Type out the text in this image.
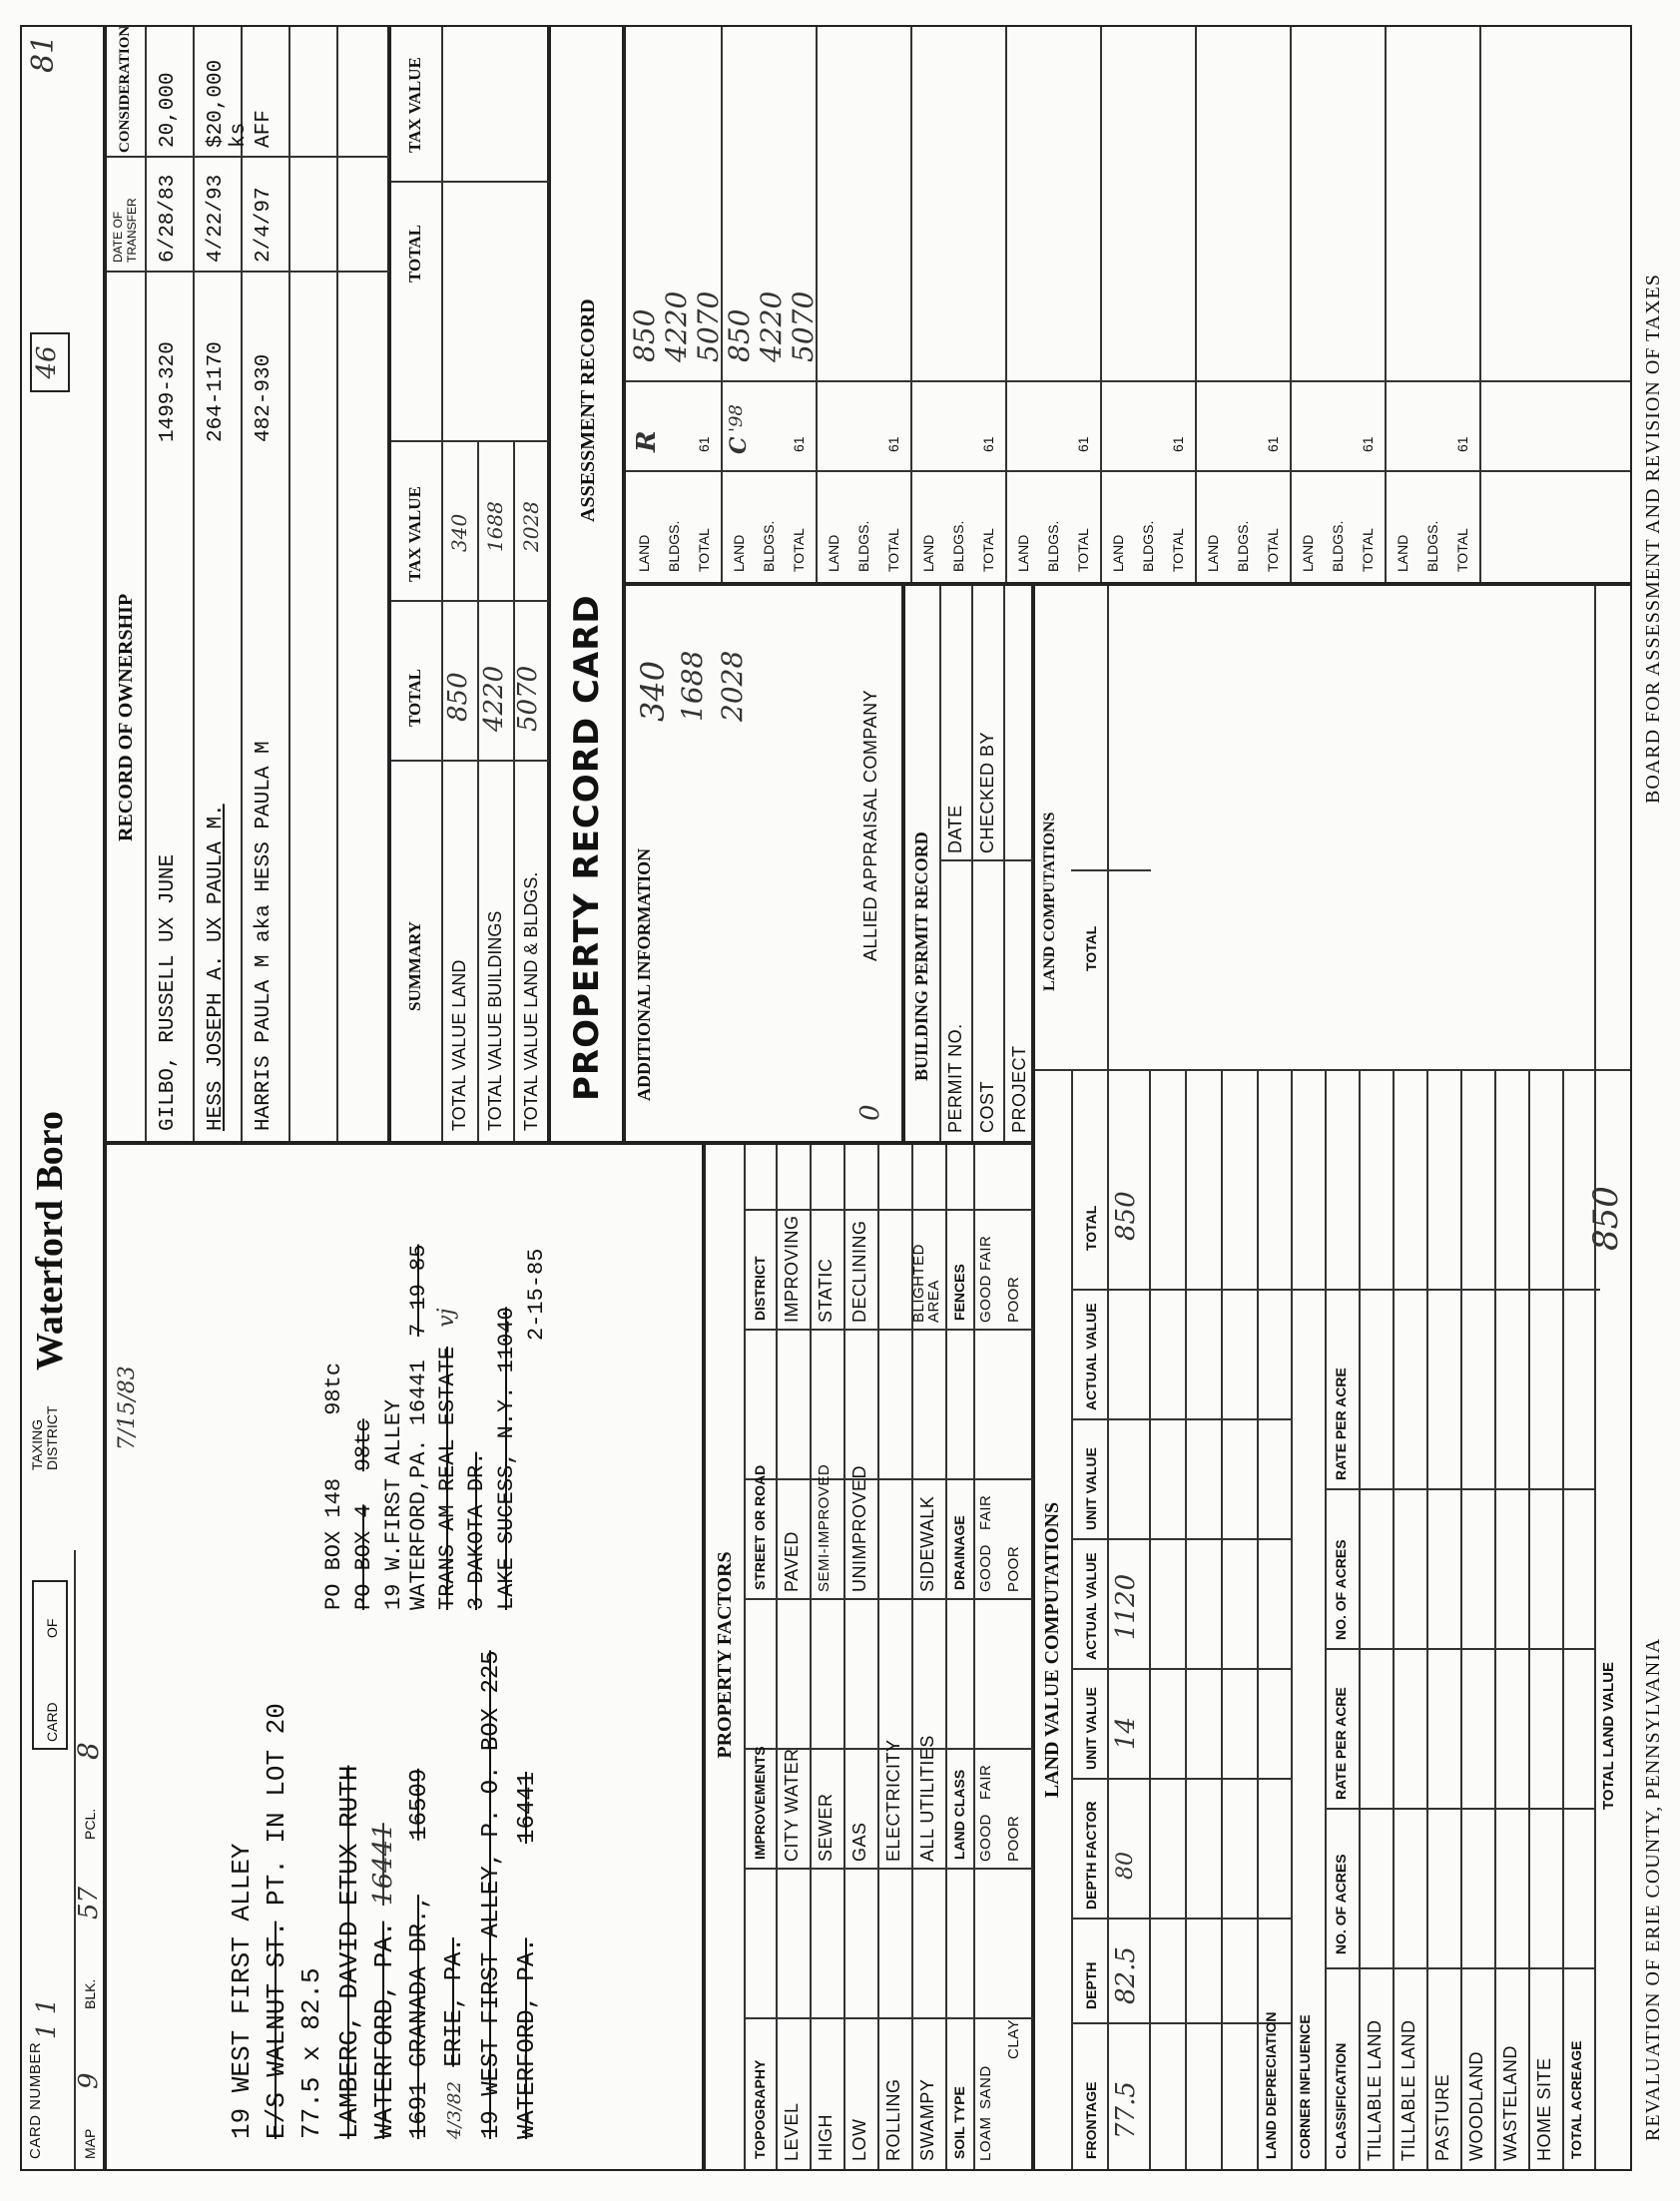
CARD NUMBER
1 1
CARD
OF
TAXING DISTRICT
Waterford Boro
46
81
MAP
9
BLK.
57
PCL.
8
7/15/83
19 WEST FIRST ALLEY E/S WALNUT ST. PT. IN LOT 20
77.5 x 82.5 LAMBERG, DAVID ETUX RUTH WATERFORD, PA. 16441
1691 GRANADA DR., 16509
4/3/82 ERIE, PA. 19 WEST FIRST ALLEY, P. O. BOX 225 WATERFORD, PA. 16441
PO BOX 148 98tc
PO BOX 4 98tc 19 W.FIRST ALLEY WATERFORD,PA. 16441 7-19-85
TRANS AM REAL ESTATE vj
3 DAKOTA DR. LAKE SUCESS, N.Y. 11040
2-15-85
RECORD OF OWNERSHIP
DATE OF TRANSFER
CONSIDERATION
GILBO, RUSSELL UX JUNE
1499-320
6/28/83
20,000
HESS JOSEPH A. UX PAULA M.
264-1170
4/22/93
$20,000 ks
HARRIS PAULA M aka HESS PAULA M
482-930
2/4/97
AFF
SUMMARY
TOTAL
TAX VALUE
TOTAL
TAX VALUE
TOTAL VALUE LAND
850
340
TOTAL VALUE BUILDINGS
4220
1688
TOTAL VALUE LAND & BLDGS.
5070
2028
PROPERTY FACTORS
TOPOGRAPHY
IMPROVEMENTS
STREET OR ROAD
DISTRICT
LEVEL HIGH LOW ROLLING SWAMPY
CITY WATER SEWER GAS ELECTRICITY ALL UTILITIES
PAVED SEMI-IMPROVED UNIMPROVED	SIDEWALK
IMPROVING STATIC DECLINING	BLIGHTED AREA
SOIL TYPE
LAND CLASS
DRAINAGE
FENCES
LOAM
SAND
CLAY
GOOD
FAIR
POOR
GOOD
FAIR
POOR
GOOD
FAIR
POOR
PROPERTY RECORD CARD
ASSESSMENT RECORD
ADDITIONAL INFORMATION
340 1688 2028
ALLIED APPRAISAL COMPANY
0
BUILDING PERMIT RECORD PERMIT NO.
DATE
COST
CHECKED BY
PROJECT
LAND BLDGS. TOTAL
61
850 4220 5070
R
LAND BLDGS. TOTAL
61
850 4220 5070
C
'98
LAND BLDGS. TOTAL
61
LAND BLDGS. TOTAL
61
LAND BLDGS. TOTAL
61
LAND BLDGS. TOTAL
61
LAND BLDGS. TOTAL
61
LAND BLDGS. TOTAL
61
LAND BLDGS. TOTAL
61
LAND VALUE COMPUTATIONS
LAND COMPUTATIONS
FRONTAGE
DEPTH
DEPTH FACTOR
UNIT VALUE
ACTUAL VALUE
UNIT VALUE
ACTUAL VALUE
TOTAL
TOTAL
77.5
82.5
80
14
1120
850
LAND DEPRECIATION CORNER INFLUENCE CLASSIFICATION
NO. OF ACRES
RATE PER ACRE
NO. OF ACRES
RATE PER ACRE
TILLABLE LAND TILLABLE LAND PASTURE WOODLAND WASTELAND HOME SITE TOTAL ACREAGE
TOTAL LAND VALUE
850
REVALUATION OF ERIE COUNTY, PENNSYLVANIA
BOARD FOR ASSESSMENT AND REVISION OF TAXES
